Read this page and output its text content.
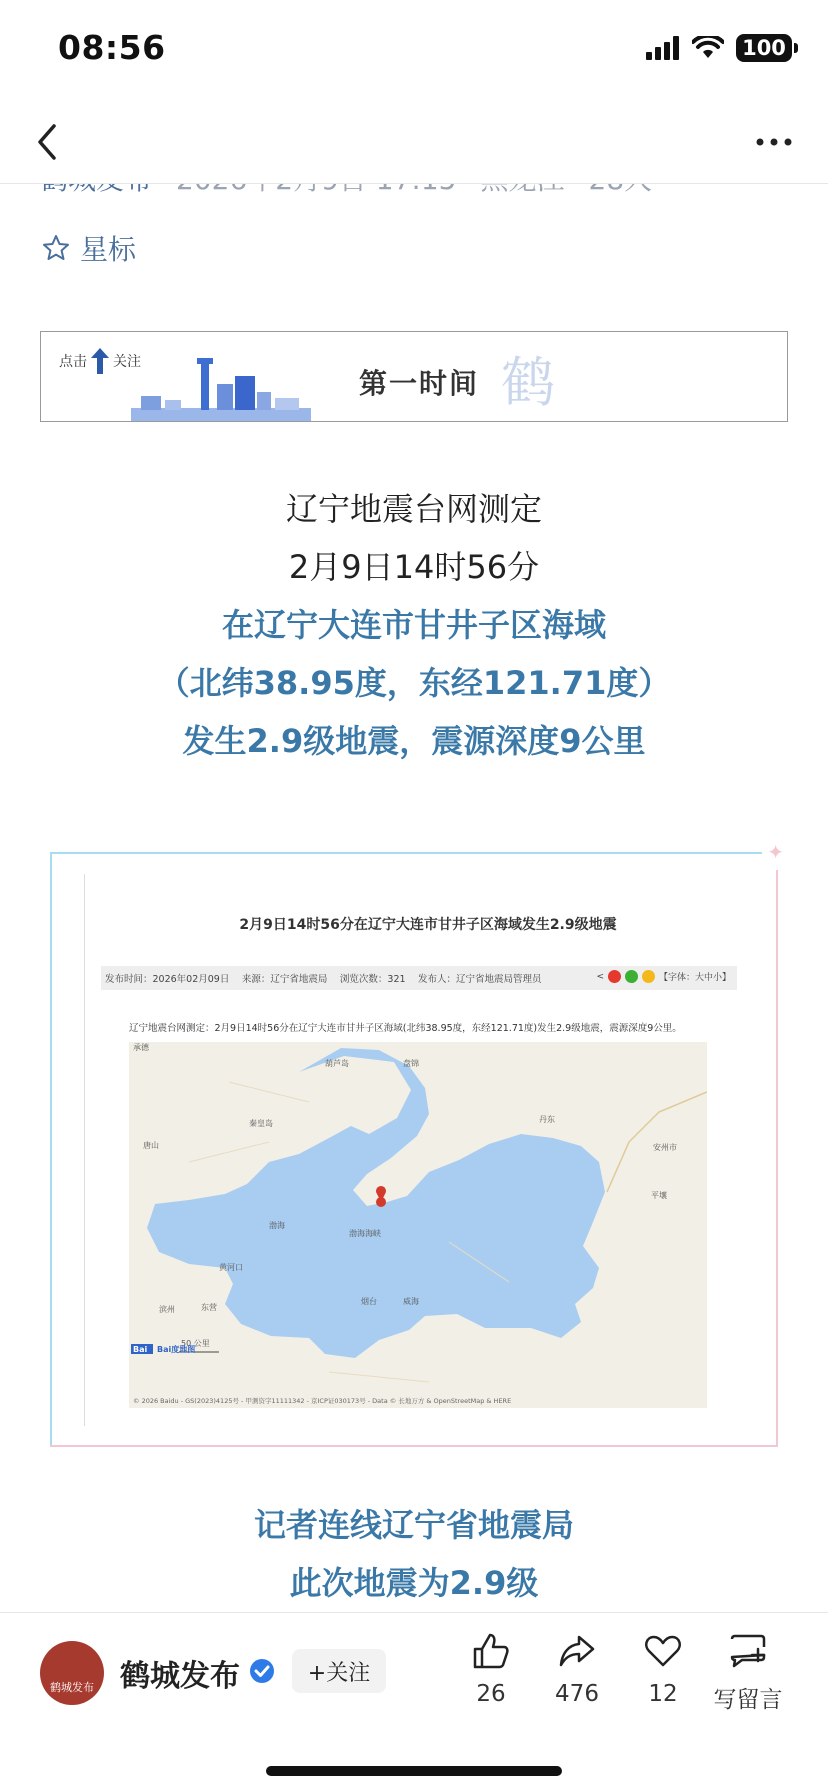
08:56	100
星标
点击 关注
第一时间 鹤

辽宁地震台网测定

2月9日14时56分

在辽宁大连市甘井子区海域

（北纬38.95度，东经121.71度）

发生2.9级地震，震源深度9公里

✦
2月9日14时56分在辽宁大连市甘井子区海域发生2.9级地震
发布时间：2026年02月09日　 来源：辽宁省地震局　 浏览次数：321　 发布人：辽宁省地震局管理员	<	【字体：大中小】
辽宁地震台网测定：2月9日14时56分在辽宁大连市甘井子区海域(北纬38.95度，东经121.71度)发生2.9级地震，震源深度9公里。
Bai
承德
葫芦岛	盘锦
秦皇岛
唐山
丹东
安州市
平壤
渤海
黄河口
滨州	东营
烟台	威海
渤海海峡
50 公里
Bai度地图
© 2026 Baidu - GS(2023)4125号 - 甲测资字11111342 - 京ICP证030173号 - Data © 长地万方 & OpenStreetMap & HERE

记者连线辽宁省地震局

此次地震为2.9级

鹤城发布 鹤城发布	+关注
26	476	12	写留言
